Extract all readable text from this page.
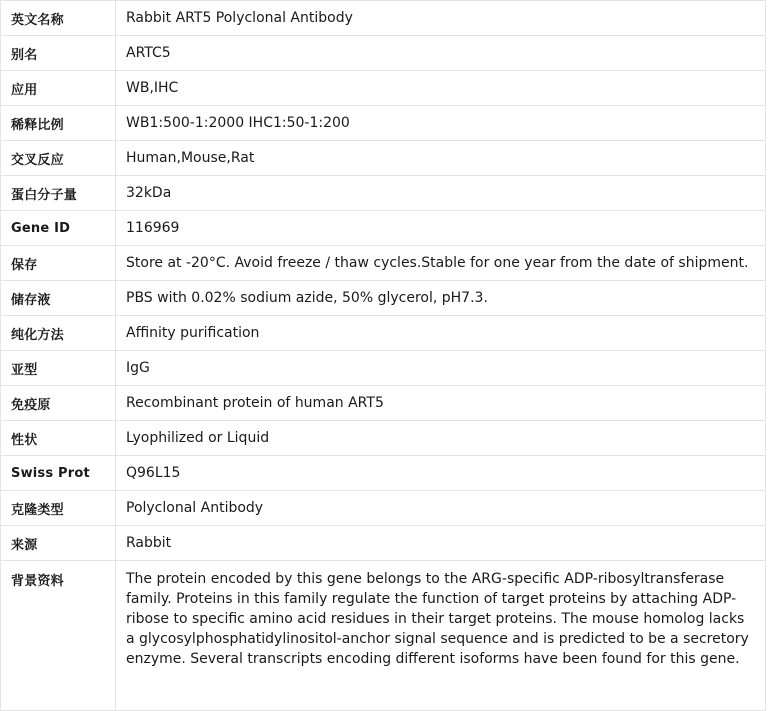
英文名称	Rabbit ART5 Polyclonal Antibody
别名	ARTC5
应用	WB,IHC
稀释比例	WB1:500-1:2000 IHC1:50-1:200
交叉反应	Human,Mouse,Rat
蛋白分子量	32kDa
Gene ID	116969
保存	Store at -20°C. Avoid freeze / thaw cycles.Stable for one year from the date of shipment.
储存液	PBS with 0.02% sodium azide, 50% glycerol, pH7.3.
纯化方法	Affinity purification
亚型	IgG
免疫原	Recombinant protein of human ART5
性状	Lyophilized or Liquid
Swiss Prot	Q96L15
克隆类型	Polyclonal Antibody
来源	Rabbit
背景资料	The protein encoded by this gene belongs to the ARG-specific ADP-ribosyltransferase family. Proteins in this family regulate the function of target proteins by attaching ADP-ribose to specific amino acid residues in their target proteins. The mouse homolog lacks a glycosylphosphatidylinositol-anchor signal sequence and is predicted to be a secretory enzyme. Several transcripts encoding different isoforms have been found for this gene.
